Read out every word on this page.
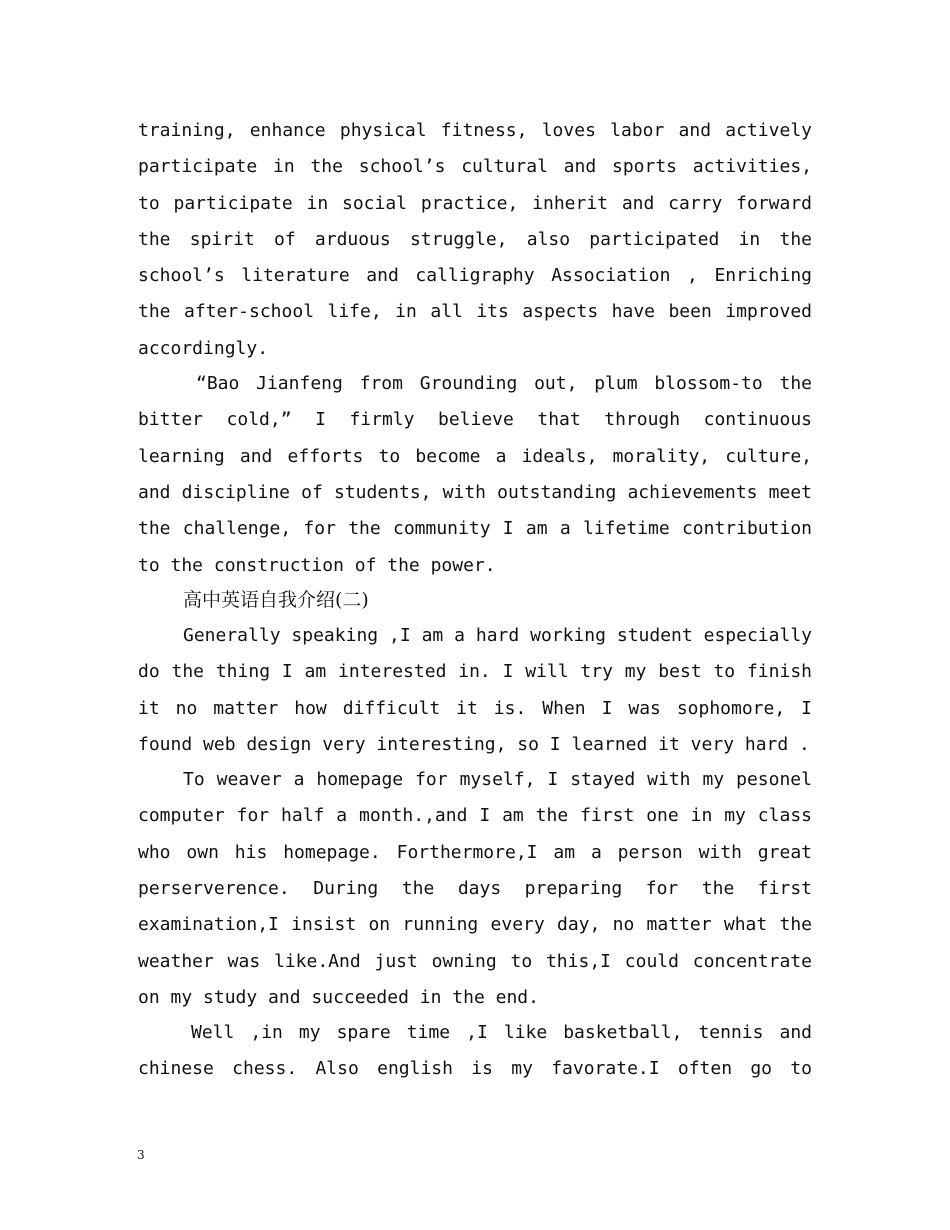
training, enhance physical fitness, loves labor and actively
participate in the school’s cultural and sports activities,
to participate in social practice, inherit and carry forward
the spirit of arduous struggle, also participated in the
school’s literature and calligraphy Association , Enriching
the after-school life, in all its aspects have been improved
accordingly.
“Bao Jianfeng from Grounding out, plum blossom-to the
bitter cold,” I firmly believe that through continuous
learning and efforts to become a ideals, morality, culture,
and discipline of students, with outstanding achievements meet
the challenge, for the community I am a lifetime contribution
to the construction of the power.
高中英语自我介绍(二)
Generally speaking ,I am a hard working student especially
do the thing I am interested in. I will try my best to finish
it no matter how difficult it is. When I was sophomore, I
found web design very interesting, so I learned it very hard .
To weaver a homepage for myself, I stayed with my pesonel
computer for half a month.,and I am the first one in my class
who own his homepage. Forthermore,I am a person with great
perserverence. During the days preparing for the first
examination,I insist on running every day, no matter what the
weather was like.And just owning to this,I could concentrate
on my study and succeeded in the end.
Well ,in my spare time ,I like basketball, tennis and
chinese chess. Also english is my favorate.I often go to
3
